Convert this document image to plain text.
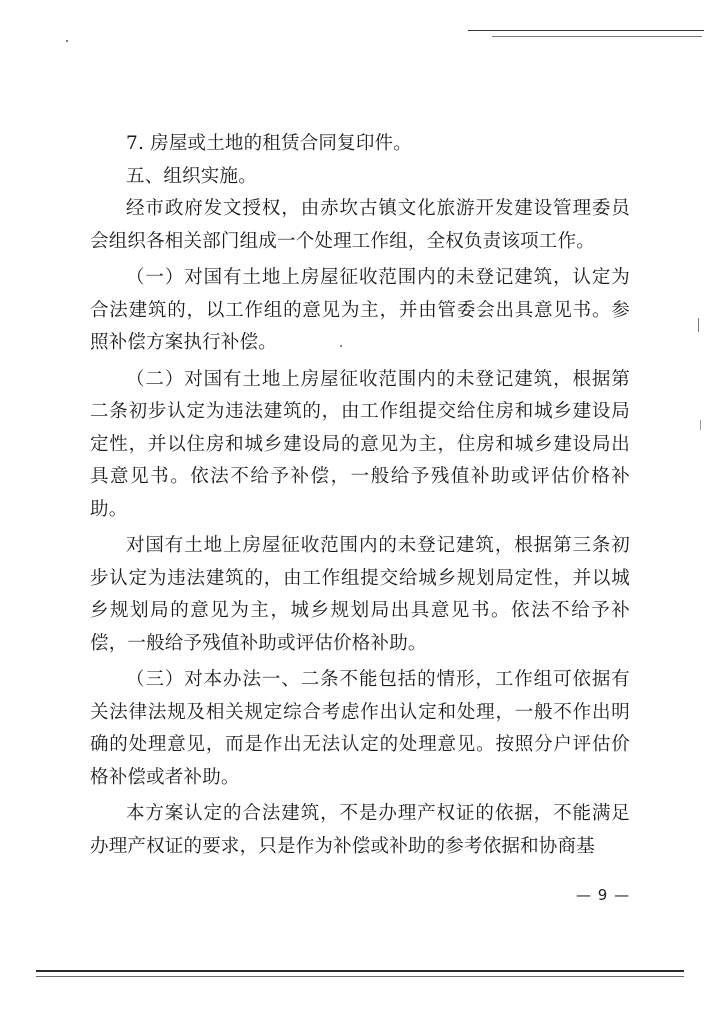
7. 房屋或土地的租赁合同复印件。

五、组织实施。

经市政府发文授权，由赤坎古镇文化旅游开发建设管理委员会组织各相关部门组成一个处理工作组，全权负责该项工作。

（一）对国有土地上房屋征收范围内的未登记建筑，认定为合法建筑的，以工作组的意见为主，并由管委会出具意见书。参照补偿方案执行补偿。

（二）对国有土地上房屋征收范围内的未登记建筑，根据第二条初步认定为违法建筑的，由工作组提交给住房和城乡建设局定性，并以住房和城乡建设局的意见为主，住房和城乡建设局出具意见书。依法不给予补偿，一般给予残值补助或评估价格补助。

对国有土地上房屋征收范围内的未登记建筑，根据第三条初步认定为违法建筑的，由工作组提交给城乡规划局定性，并以城乡规划局的意见为主，城乡规划局出具意见书。依法不给予补偿，一般给予残值补助或评估价格补助。

（三）对本办法一、二条不能包括的情形，工作组可依据有关法律法规及相关规定综合考虑作出认定和处理，一般不作出明确的处理意见，而是作出无法认定的处理意见。按照分户评估价格补偿或者补助。

本方案认定的合法建筑，不是办理产权证的依据，不能满足办理产权证的要求，只是作为补偿或补助的参考依据和协商基

— 9 —
